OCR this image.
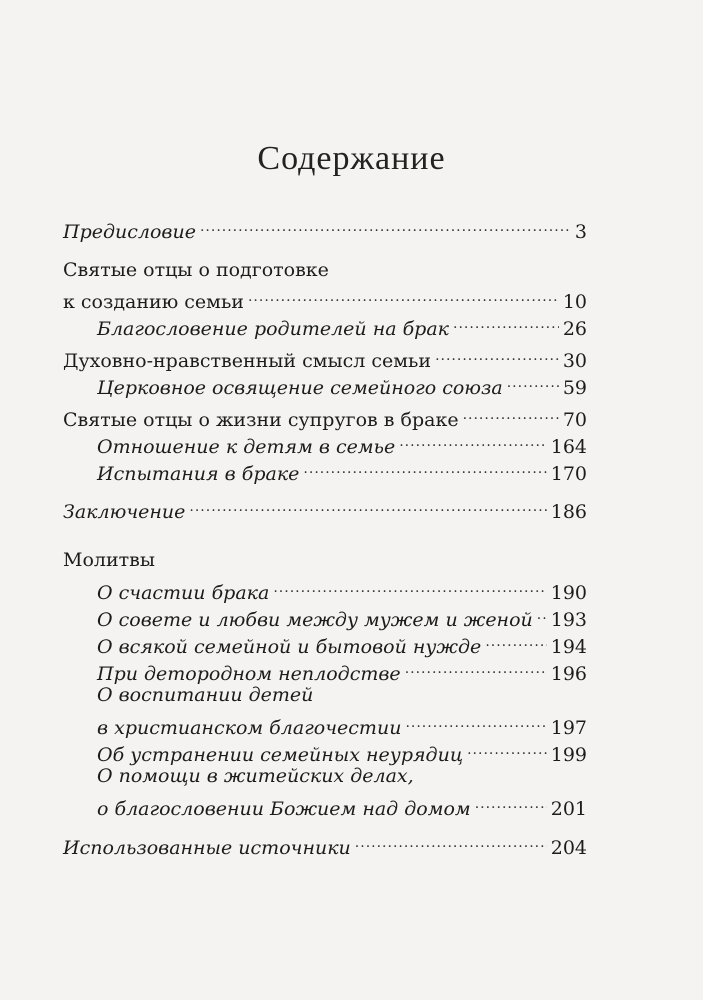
Содержание
Предисловие .....	3
Святые отцы о подготовке
к созданию семьи .....	10
Благословение родителей на брак .....	26
Духовно-нравственный смысл семьи .....	30
Церковное освящение семейного союза .....	59
Святые отцы о жизни супругов в браке .....	70
Отношение к детям в семье .....	164
Испытания в браке .....	170
Заключение .....	186
Молитвы
О счастии брака .....	190
О совете и любви между мужем и женой ..... 193
О всякой семейной и бытовой нужде .....	194
При детородном неплодстве .....	196
О воспитании детей
в христианском благочестии .....	197
Об устранении семейных неурядиц .....	199
О помощи в житейских делах,
о благословении Божием над домом .....	201
Использованные источники .....	204
